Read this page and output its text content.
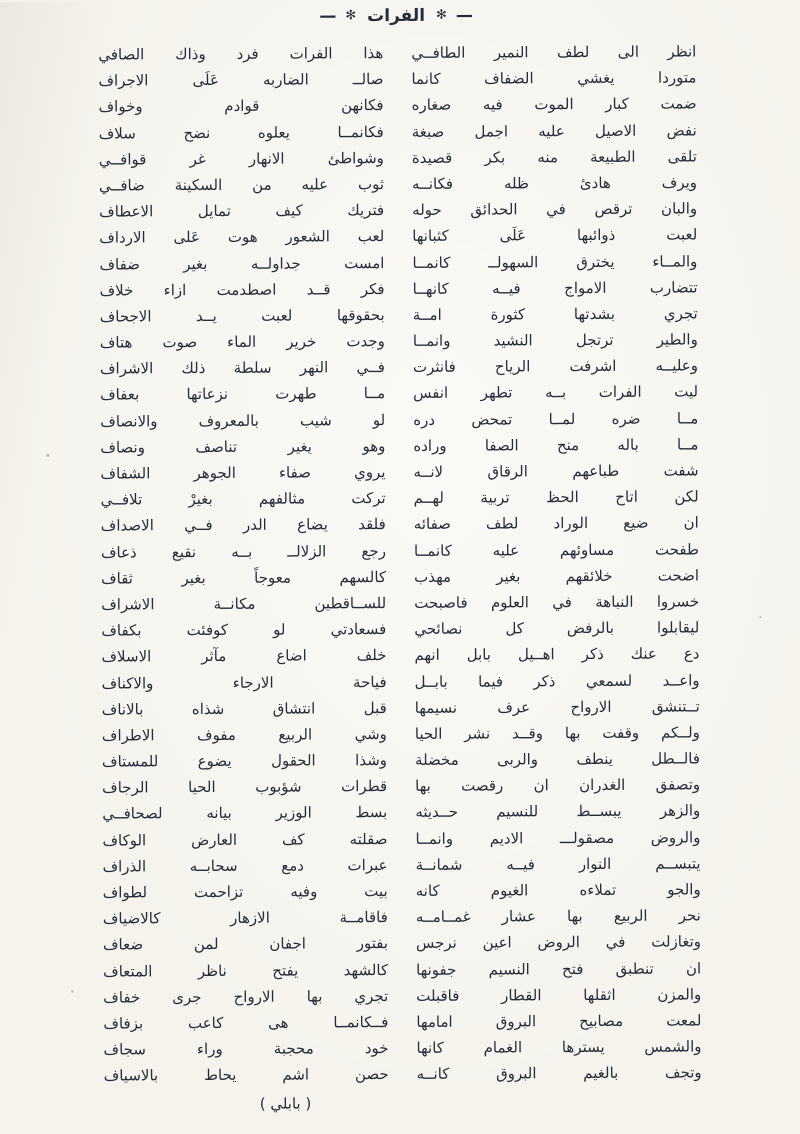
— ✻ الفرات ✻ —
انظر الى لطف النمير الطافــي
هذا الفرات فرد وذاك الصافي
متوردا يغشي الضفاف كانما
صالــ الضاربه عَلَى الاجراف
ضمت كبار الموت فيه صغاره
فكانهن قوادم وخواف
نفض الاصيل عليه اجمل صبغة
فكانمــا يعلوه نضح سلاف
تلقى الطبيعة منه بكر قصيدة
وشواطئ الانهار غر قوافــي
ويرف هادئ ظله فكانــه
ثوب عليه من السكينة ضافــي
والبان ترقص في الحدائق حوله
فتريك كيف تمايل الاعطاف
لعبت ذوائبها عَلَى كثبانها
لعب الشعور هوت عَلى الارداف
والمــاء يخترق السهولــ كانمــا
امست جداولــه بغير ضفاف
تتضارب الامواج فيــه كانهــا
فكر قــد اصطدمت ازاء خلاف
تجري بشدتها كثورة امــة
بحقوقها لعبت يــد الاجحاف
والطير ترتجل النشيد وانمــا
وجدت خرير الماء صوت هتاف
وعليــه اشرفت الرياح فانثرت
فــي النهر سلطة ذلك الاشراف
ليت الفرات بــه تطهر انفس
مــا طهرت نزعاتها بعفاف
مــا ضره لمــا تمحض دره
لو شيب بالمعروف والانصاف
مــا باله منح الصفا وراده
وهو يغير تناصف ونصاف
شفت طباعهم الرقاق لانــه
يروي صفاء الجوهر الشفاف
لكن اتاح الحظ تربية لهــم
تركت مثالفهم بغيرْ تلافــي
ان ضيع الوراد لطف صفائه
فلقد يضاع الدر فــي الاصداف
طفحت مساوئهم عليه كانمــا
رجع الزلالــ بــه نقيع ذعاف
اضحت خلائقهم بغير مهذب
كالسهم معوجاً بغير ثقاف
خسروا النباهة في العلوم فاصبحت
للســاقطين مكانــة الاشراف
ليقابلوا بالرفض كل نصائحي
فسعادتي لو كوفئت بكفاف
دع عنك ذكر اهــيل بابل انهم
خلف اضاع مآثر الاسلاف
واعــد لسمعي ذكر فيما بابــل
فياحة الارجاء والاكناف
تــتنشق الارواح عرف نسيمها
قبل انتشاق شذاه بالاناف
ولــكم وقفت بها وقــد نشر الحيا
وشي الربيع مفوف الاطراف
فالــطل ينطف والربى مخضلة
وشذا الحقول يضوع للمستاف
وتصفق الغدران ان رقصت بها
قطرات شؤبوب الحيا الرجاف
والزهر يبســط للنسيم حــديثه
بسط الوزير بيانه لصحافــي
والروض مصقولـــ الاديم وانمــا
صقلته كف العارض الوكاف
يتبســم النوار فيــه شمانــة
عبرات دمع سحابــه الذراف
والجو تملاءه الغيوم كانه
بيت وفيه تزاحمت لطواف
نحر الربيع بها عشار غمــامــه
فاقامــة الازهار كالاضياف
وتغازلت في الروض اعين نرجس
بفتور اجفان لمن ضعاف
ان تنطبق فتح النسيم جفونها
كالشهد يفتح ناظر المتعاف
والمزن اثقلها القطار فاقبلت
تجري بها الارواح جرى خفاف
لمعت مصابيح البروق امامها
فــكانمــا هى كاعب بزفاف
والشمس يسترها الغمام كانها
خود محجبة وراء سجاف
وتجف بالغيم البروق كانــه
حصن اشم يحاط بالاسياف
( بابلي )
